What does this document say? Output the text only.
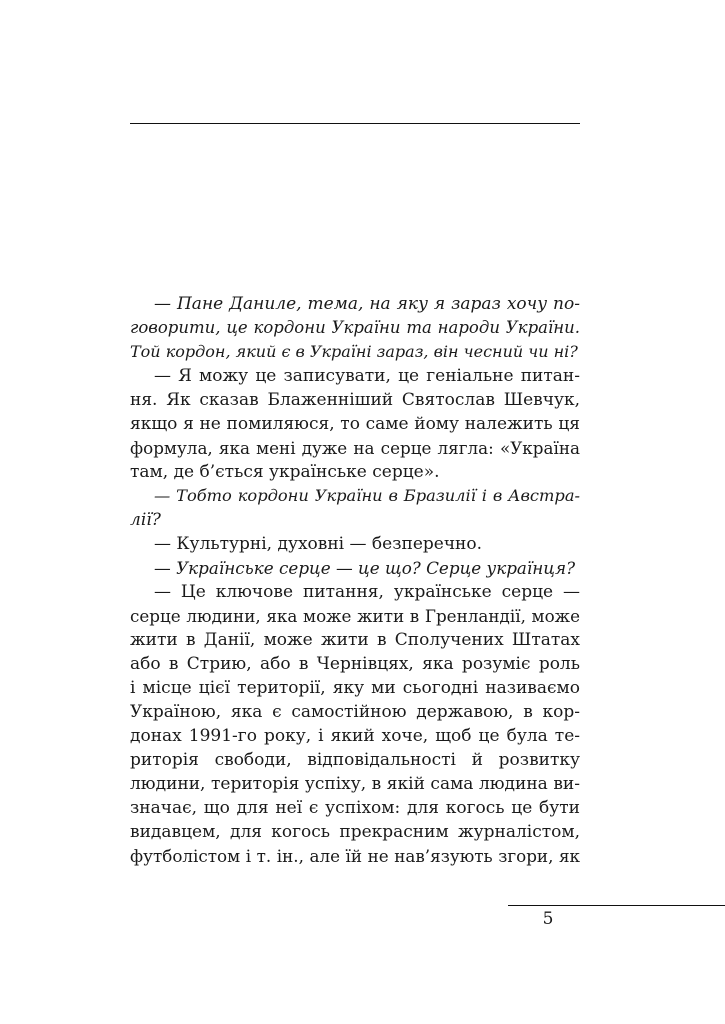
— Пане Даниле, тема, на яку я зараз хочу по-
говорити, це кордони України та народи України.
Той кордон, який є в Україні зараз, він чесний чи ні?
— Я можу це записувати, це геніальне питан-
ня. Як сказав Блаженніший Святослав Шевчук,
якщо я не помиляюся, то саме йому належить ця
формула, яка мені дуже на серце лягла: «Україна
там, де б’ється українське серце».
— Тобто кордони України в Бразилії і в Австра-
лії?
— Культурні, духовні — безперечно.
— Українське серце — це що? Серце українця?
— Це ключове питання, українське серце —
серце людини, яка може жити в Гренландії, може
жити в Данії, може жити в Сполучених Штатах
або в Стрию, або в Чернівцях, яка розуміє роль
і місце цієї території, яку ми сьогодні називаємо
Україною, яка є самостійною державою, в кор-
донах 1991-го року, і який хоче, щоб це була те-
риторія свободи, відповідальності й розвитку
людини, територія успіху, в якій сама людина ви-
значає, що для неї є успіхом: для когось це бути
видавцем, для когось прекрасним журналістом,
футболістом і т. ін., але їй не нав’язують згори, як
5
